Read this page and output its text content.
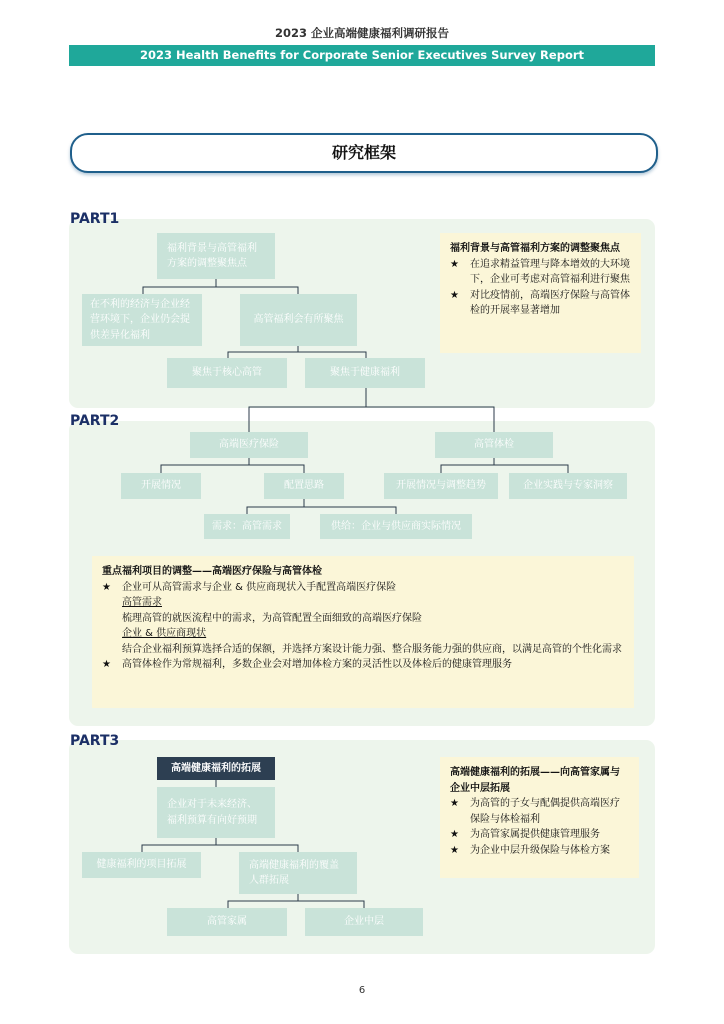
2023 企业高端健康福利调研报告
2023 Health Benefits for Corporate Senior Executives Survey Report
研究框架
PART1
PART2
PART3
福利背景与高管福利方案的调整聚焦点
在不利的经济与企业经营环境下，企业仍会提供差异化福利
高管福利会有所聚焦
聚焦于核心高管	聚焦于健康福利
福利背景与高管福利方案的调整聚焦点
★	在追求精益管理与降本增效的大环境下，企业可考虑对高管福利进行聚焦
★	对比疫情前，高端医疗保险与高管体检的开展率显著增加
高端医疗保险	高管体检
开展情况	配置思路	开展情况与调整趋势	企业实践与专家洞察
需求：高管需求	供给：企业与供应商实际情况
重点福利项目的调整——高端医疗保险与高管体检
★	企业可从高管需求与企业 & 供应商现状入手配置高端医疗保险
高管需求
梳理高管的就医流程中的需求，为高管配置全面细致的高端医疗保险
企业 & 供应商现状
结合企业福利预算选择合适的保额，并选择方案设计能力强、整合服务能力强的供应商，以满足高管的个性化需求
★	高管体检作为常规福利，多数企业会对增加体检方案的灵活性以及体检后的健康管理服务
高端健康福利的拓展
企业对于未来经济、福利预算有向好预期
健康福利的项目拓展	高端健康福利的覆盖人群拓展
高管家属	企业中层
高端健康福利的拓展——向高管家属与企业中层拓展
★	为高管的子女与配偶提供高端医疗保险与体检福利
★	为高管家属提供健康管理服务
★	为企业中层升级保险与体检方案
6
